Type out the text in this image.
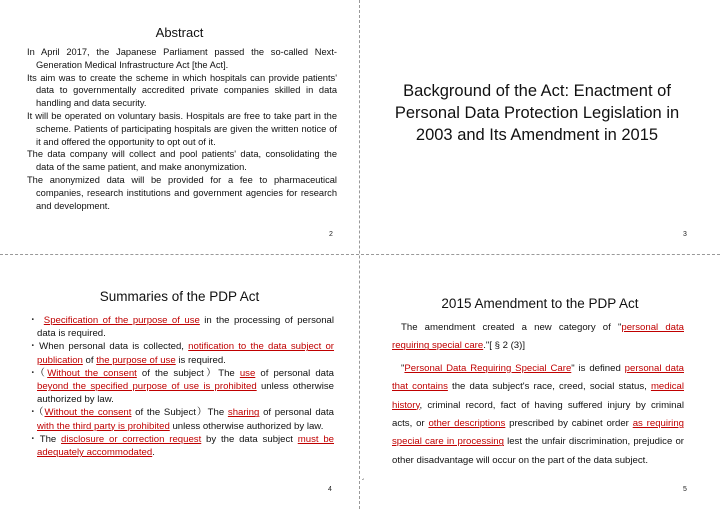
Abstract

In April 2017, the Japanese Parliament passed the so-called Next-Generation Medical Infrastructure Act [the Act].

Its aim was to create the scheme in which hospitals can provide patients' data to governmentally accredited private companies skilled in data handling and data security.

It will be operated on voluntary basis. Hospitals are free to take part in the scheme. Patients of participating hospitals are given the written notice of it and offered the opportunity to opt out of it.

The data company will collect and pool patients' data, consolidating the data of the same patient, and make anonymization.

The anonymized data will be provided for a fee to pharmaceutical companies, research institutions and government agencies for research and development.

2
Background of the Act: Enactment of Personal Data Protection Legislation in 2003 and Its Amendment in 2015
3
Summaries of the PDP Act

・ Specification of the purpose of use in the processing of personal data is required.

・When personal data is collected, notification to the data subject or publication of the purpose of use is required.

・（Without the consent of the subject）The use of personal data beyond the specified purpose of use is prohibited unless otherwise authorized by law.

・（Without the consent of the Subject）The sharing of personal data with the third party is prohibited unless otherwise authorized by law.

・The disclosure or correction request by the data subject must be adequately accommodated.

´
4
2015 Amendment to the PDP Act

The amendment created a new category of "personal data requiring special care."[ § 2 (3)]

"Personal Data Requiring Special Care" is defined personal data that contains the data subject's race, creed, social status, medical history, criminal record, fact of having suffered injury by criminal acts, or other descriptions prescribed by cabinet order as requiring special care in processing lest the unfair discrimination, prejudice or other disadvantage will occur on the part of the data subject.

5
